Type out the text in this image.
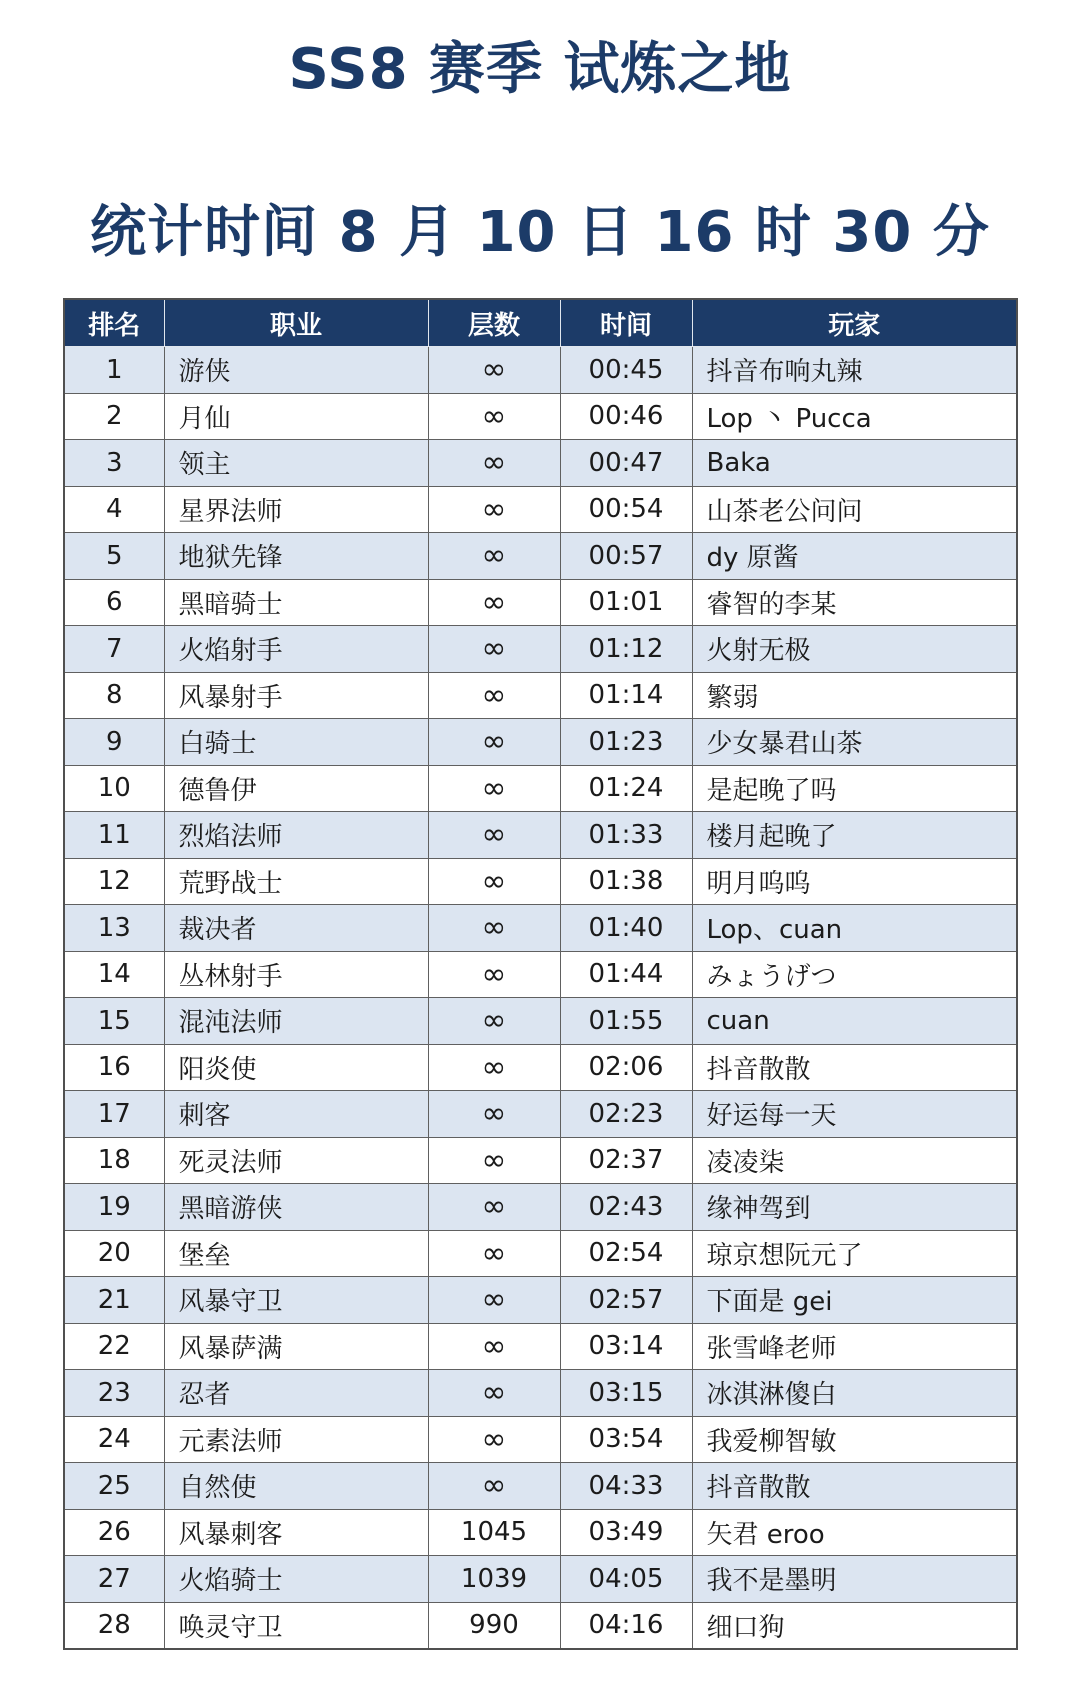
SS8 赛季 试炼之地
统计时间 8 月 10 日 16 时 30 分
排名	职业	层数	时间	玩家
1	游侠	∞	00:45	抖音布响丸辣
2	月仙	∞	00:46	Lop 丶 Pucca
3	领主	∞	00:47	Baka
4	星界法师	∞	00:54	山茶老公问问
5	地狱先锋	∞	00:57	dy 原酱
6	黑暗骑士	∞	01:01	睿智的李某
7	火焰射手	∞	01:12	火射无极
8	风暴射手	∞	01:14	繁弱
9	白骑士	∞	01:23	少女暴君山茶
10	德鲁伊	∞	01:24	是起晚了吗
11	烈焰法师	∞	01:33	楼月起晚了
12	荒野战士	∞	01:38	明月呜呜
13	裁决者	∞	01:40	Lop、cuan
14	丛林射手	∞	01:44	みょうげつ
15	混沌法师	∞	01:55	cuan
16	阳炎使	∞	02:06	抖音散散
17	刺客	∞	02:23	好运每一天
18	死灵法师	∞	02:37	凌凌柒
19	黑暗游侠	∞	02:43	缘神驾到
20	堡垒	∞	02:54	琼京想阮元了
21	风暴守卫	∞	02:57	下面是 gei
22	风暴萨满	∞	03:14	张雪峰老师
23	忍者	∞	03:15	冰淇淋傻白
24	元素法师	∞	03:54	我爱柳智敏
25	自然使	∞	04:33	抖音散散
26	风暴刺客	1045	03:49	矢君 eroo
27	火焰骑士	1039	04:05	我不是墨明
28	唤灵守卫	990	04:16	细口狗
